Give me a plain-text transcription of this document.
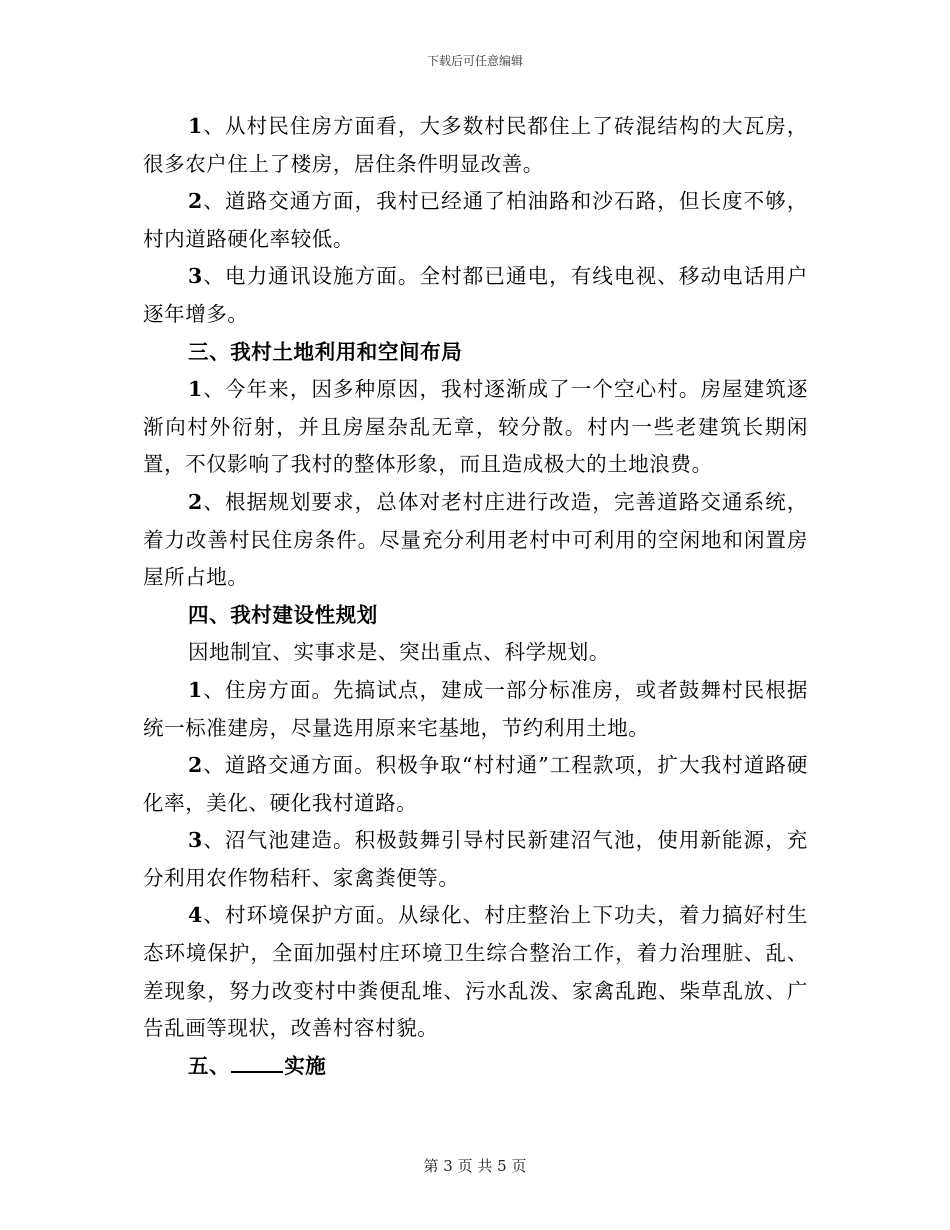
下载后可任意编辑

1、从村民住房方面看，大多数村民都住上了砖混结构的大瓦房，很多农户住上了楼房，居住条件明显改善。

2、道路交通方面，我村已经通了柏油路和沙石路，但长度不够，村内道路硬化率较低。

3、电力通讯设施方面。全村都已通电，有线电视、移动电话用户逐年增多。

三、我村土地利用和空间布局

1、今年来，因多种原因，我村逐渐成了一个空心村。房屋建筑逐渐向村外衍射，并且房屋杂乱无章，较分散。村内一些老建筑长期闲置，不仅影响了我村的整体形象，而且造成极大的土地浪费。

2、根据规划要求，总体对老村庄进行改造，完善道路交通系统，着力改善村民住房条件。尽量充分利用老村中可利用的空闲地和闲置房屋所占地。

四、我村建设性规划

因地制宜、实事求是、突出重点、科学规划。

1、住房方面。先搞试点，建成一部分标准房，或者鼓舞村民根据统一标准建房，尽量选用原来宅基地，节约利用土地。

2、道路交通方面。积极争取“村村通”工程款项，扩大我村道路硬化率，美化、硬化我村道路。

3、沼气池建造。积极鼓舞引导村民新建沼气池，使用新能源，充分利用农作物秸秆、家禽粪便等。

4、村环境保护方面。从绿化、村庄整治上下功夫，着力搞好村生态环境保护，全面加强村庄环境卫生综合整治工作，着力治理脏、乱、差现象，努力改变村中粪便乱堆、污水乱泼、家禽乱跑、柴草乱放、广告乱画等现状，改善村容村貌。

五、	实施

第 3 页 共 5 页
